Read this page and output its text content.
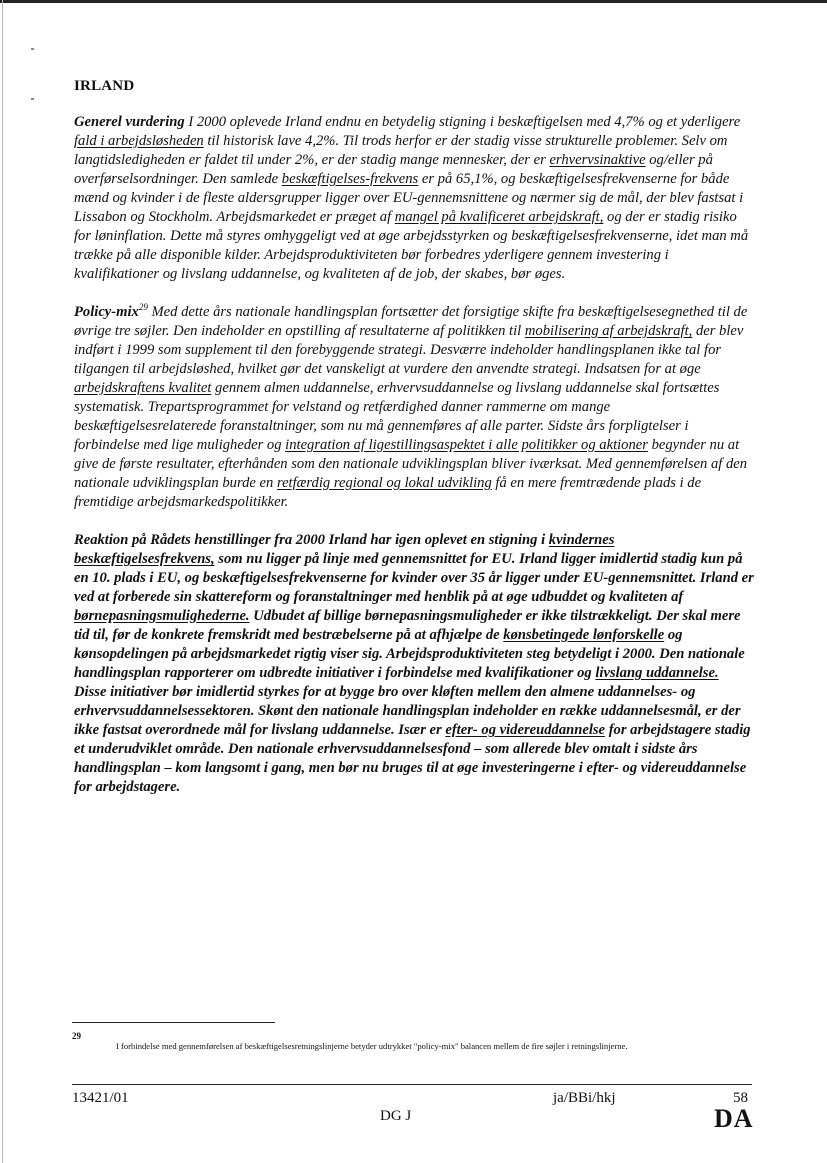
IRLAND

Generel vurdering I 2000 oplevede Irland endnu en betydelig stigning i beskæftigelsen med 4,7% og et yderligere fald i arbejdsløsheden til historisk lave 4,2%. Til trods herfor er der stadig visse strukturelle problemer. Selv om langtidsledigheden er faldet til under 2%, er der stadig mange mennesker, der er erhvervsinaktive og/eller på overførselsordninger. Den samlede beskæftigelses-frekvens er på 65,1%, og beskæftigelsesfrekvenserne for både mænd og kvinder i de fleste aldersgrupper ligger over EU-gennemsnittene og nærmer sig de mål, der blev fastsat i Lissabon og Stockholm. Arbejdsmarkedet er præget af mangel på kvalificeret arbejdskraft, og der er stadig risiko for løninflation. Dette må styres omhyggeligt ved at øge arbejdsstyrken og beskæftigelsesfrekvenserne, idet man må trække på alle disponible kilder. Arbejdsproduktiviteten bør forbedres yderligere gennem investering i kvalifikationer og livslang uddannelse, og kvaliteten af de job, der skabes, bør øges.

Policy-mix$^{29}$ Med dette års nationale handlingsplan fortsætter det forsigtige skifte fra beskæftigelsesegnethed til de øvrige tre søjler. Den indeholder en opstilling af resultaterne af politikken til mobilisering af arbejdskraft, der blev indført i 1999 som supplement til den forebyggende strategi. Desværre indeholder handlingsplanen ikke tal for tilgangen til arbejdsløshed, hvilket gør det vanskeligt at vurdere den anvendte strategi. Indsatsen for at øge arbejdskraftens kvalitet gennem almen uddannelse, erhvervsuddannelse og livslang uddannelse skal fortsættes systematisk. Trepartsprogrammet for velstand og retfærdighed danner rammerne om mange beskæftigelsesrelaterede foranstaltninger, som nu må gennemføres af alle parter. Sidste års forpligtelser i forbindelse med lige muligheder og integration af ligestillingsaspektet i alle politikker og aktioner begynder nu at give de første resultater, efterhånden som den nationale udviklingsplan bliver iværksat. Med gennemførelsen af den nationale udviklingsplan burde en retfærdig regional og lokal udvikling få en mere fremtrædende plads i de fremtidige arbejdsmarkedspolitikker.

Reaktion på Rådets henstillinger fra 2000 Irland har igen oplevet en stigning i kvindernes beskæftigelsesfrekvens, som nu ligger på linje med gennemsnittet for EU. Irland ligger imidlertid stadig kun på en 10. plads i EU, og beskæftigelsesfrekvenserne for kvinder over 35 år ligger under EU-gennemsnittet. Irland er ved at forberede sin skattereform og foranstaltninger med henblik på at øge udbuddet og kvaliteten af børnepasningsmulighederne. Udbudet af billige børnepasningsmuligheder er ikke tilstrækkeligt. Der skal mere tid til, før de konkrete fremskridt med bestræbelserne på at afhjælpe de kønsbetingede lønforskelle og kønsopdelingen på arbejdsmarkedet rigtig viser sig. Arbejdsproduktiviteten steg betydeligt i 2000. Den nationale handlingsplan rapporterer om udbredte initiativer i forbindelse med kvalifikationer og livslang uddannelse. Disse initiativer bør imidlertid styrkes for at bygge bro over kløften mellem den almene uddannelses- og erhvervsuddannelsessektoren. Skønt den nationale handlingsplan indeholder en række uddannelsesmål, er der ikke fastsat overordnede mål for livslang uddannelse. Især er efter- og videreuddannelse for arbejdstagere stadig et underudviklet område. Den nationale erhvervsuddannelsesfond – som allerede blev omtalt i sidste års handlingsplan – kom langsomt i gang, men bør nu bruges til at øge investeringerne i efter- og videreuddannelse for arbejdstagere.

29
I forbindelse med gennemførelsen af beskæftigelsesretningslinjerne betyder udtrykket "policy-mix" balancen mellem de fire søjler i retningslinjerne.
13421/01	ja/BBi/hkj	58
DG J	DA
